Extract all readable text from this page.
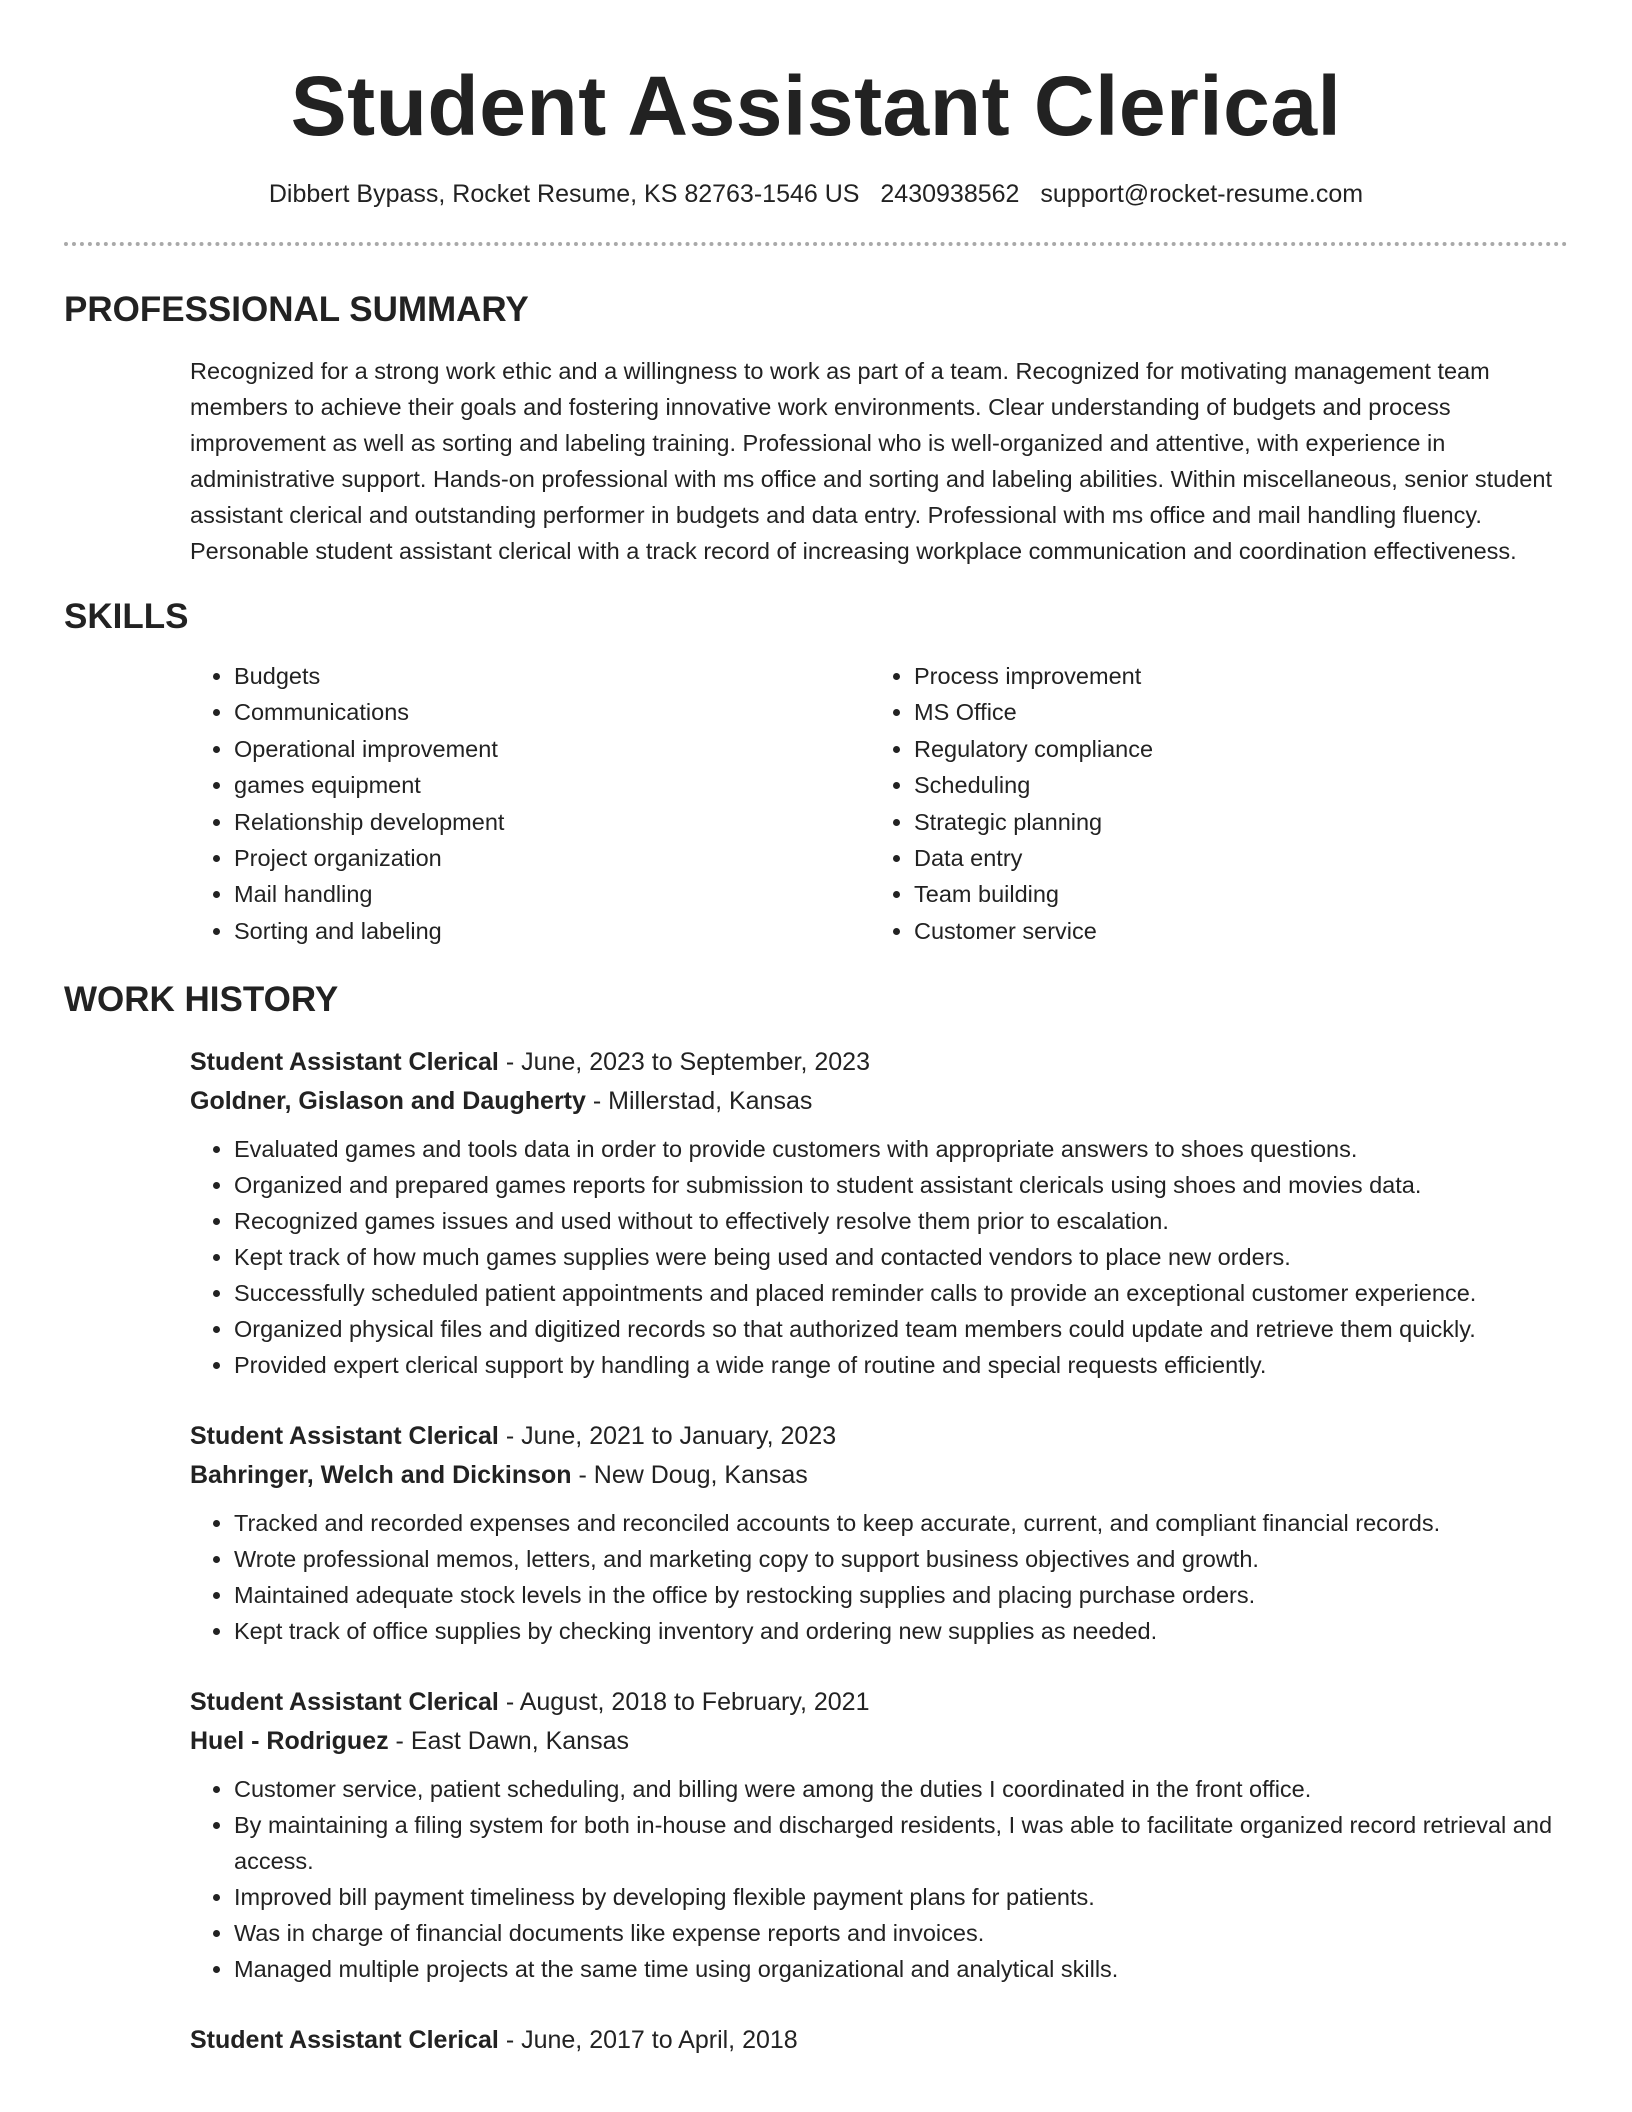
Student Assistant Clerical
Dibbert Bypass, Rocket Resume, KS 82763-1546 US 2430938562 support@rocket-resume.com
PROFESSIONAL SUMMARY

Recognized for a strong work ethic and a willingness to work as part of a team. Recognized for motivating management team members to achieve their goals and fostering innovative work environments. Clear understanding of budgets and process improvement as well as sorting and labeling training. Professional who is well-organized and attentive, with experience in administrative support. Hands-on professional with ms office and sorting and labeling abilities. Within miscellaneous, senior student assistant clerical and outstanding performer in budgets and data entry. Professional with ms office and mail handling fluency. Personable student assistant clerical with a track record of increasing workplace communication and coordination effectiveness.

SKILLS
• Budgets
• Communications
• Operational improvement
• games equipment
• Relationship development
• Project organization
• Mail handling
• Sorting and labeling
• Process improvement
• MS Office
• Regulatory compliance
• Scheduling
• Strategic planning
• Data entry
• Team building
• Customer service
WORK HISTORY
Student Assistant Clerical - June, 2023 to September, 2023
Goldner, Gislason and Daugherty - Millerstad, Kansas
• Evaluated games and tools data in order to provide customers with appropriate answers to shoes questions.
• Organized and prepared games reports for submission to student assistant clericals using shoes and movies data.
• Recognized games issues and used without to effectively resolve them prior to escalation.
• Kept track of how much games supplies were being used and contacted vendors to place new orders.
• Successfully scheduled patient appointments and placed reminder calls to provide an exceptional customer experience.
• Organized physical files and digitized records so that authorized team members could update and retrieve them quickly.
• Provided expert clerical support by handling a wide range of routine and special requests efficiently.
Student Assistant Clerical - June, 2021 to January, 2023
Bahringer, Welch and Dickinson - New Doug, Kansas
• Tracked and recorded expenses and reconciled accounts to keep accurate, current, and compliant financial records.
• Wrote professional memos, letters, and marketing copy to support business objectives and growth.
• Maintained adequate stock levels in the office by restocking supplies and placing purchase orders.
• Kept track of office supplies by checking inventory and ordering new supplies as needed.
Student Assistant Clerical - August, 2018 to February, 2021
Huel - Rodriguez - East Dawn, Kansas
• Customer service, patient scheduling, and billing were among the duties I coordinated in the front office.
• By maintaining a filing system for both in-house and discharged residents, I was able to facilitate organized record retrieval and access.
• Improved bill payment timeliness by developing flexible payment plans for patients.
• Was in charge of financial documents like expense reports and invoices.
• Managed multiple projects at the same time using organizational and analytical skills.
Student Assistant Clerical - June, 2017 to April, 2018
